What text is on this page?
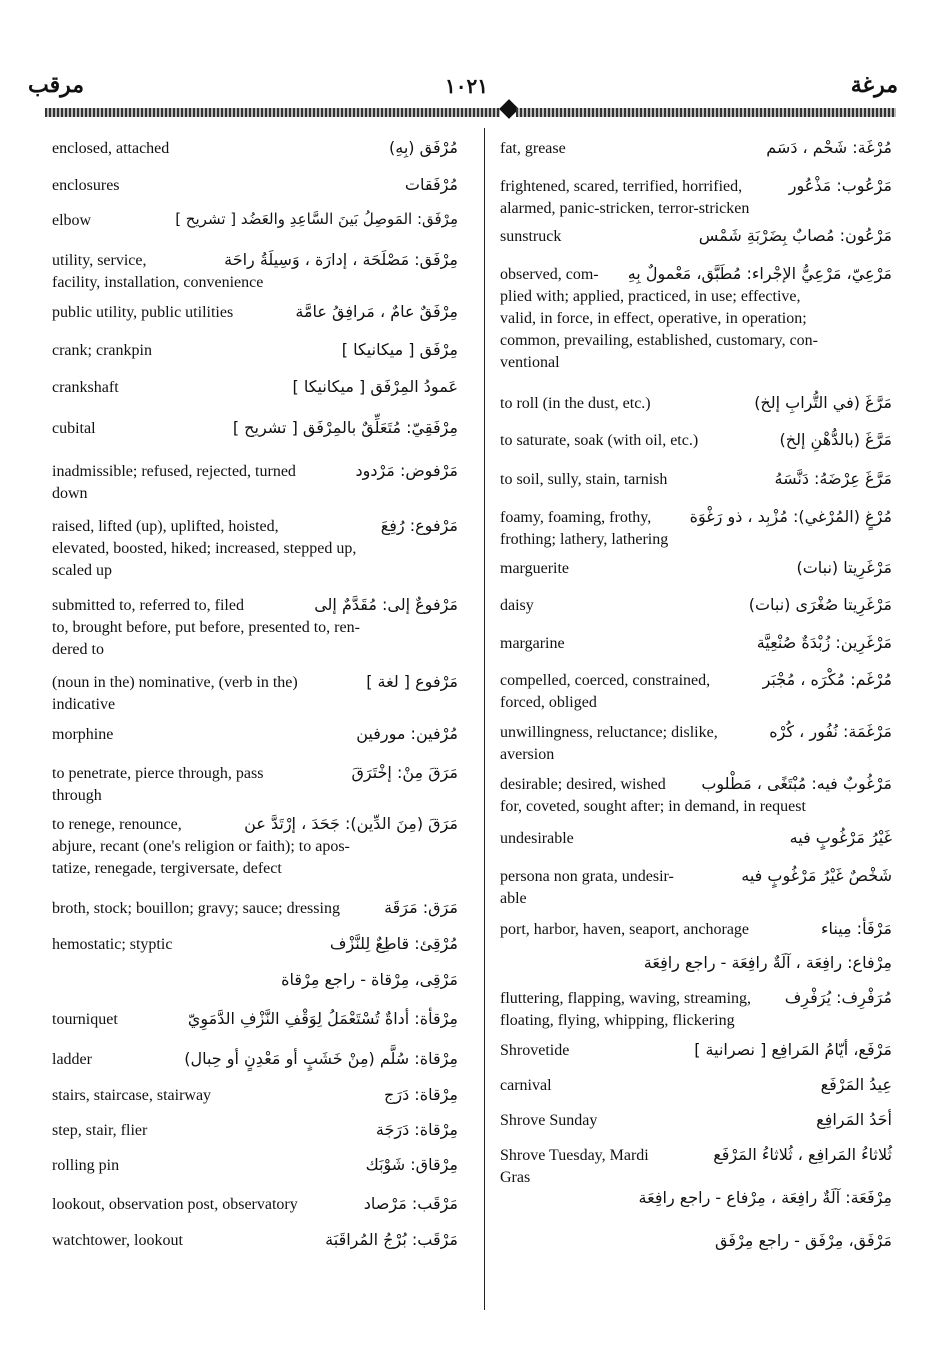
مرقب	١٠٢١	مرغة
enclosed, attached	مُرْفَق (بِهِ)
enclosures	مُرْفَقات
elbow	مِرْفَق: المَوصِلُ بَينَ السَّاعِدِ والعَضُد [ تشريح ]
utility, service,	مِرْفَق: مَصْلَحَة ، إدارَة ، وَسِيلَةُ راحَة
facility, installation, convenience
public utility, public utilities	مِرْفَقٌ عامٌ ، مَرافِقُ عامَّة
crank; crankpin	مِرْفَق [ ميكانيكا ]
crankshaft	عَمودُ المِرْفَق [ ميكانيكا ]
cubital	مِرْفَقِيّ: مُتَعَلِّقٌ بالمِرْفَق [ تشريح ]
inadmissible; refused, rejected, turned	مَرْفوض: مَرْدود
down
raised, lifted (up), uplifted, hoisted,	مَرْفوع: رُفِعَ
elevated, boosted, hiked; increased, stepped up,
scaled up
submitted to, referred to, filed	مَرْفوعٌ إلى: مُقَدَّمٌ إلى
to, brought before, put before, presented to, ren-
dered to
(noun in the) nominative, (verb in the)	مَرْفوع [ لغة ]
indicative
morphine	مُرْفين: مورفين
to penetrate, pierce through, pass	مَرَقَ مِنْ: إخْتَرَقَ
through
to renege, renounce,	مَرَقَ (مِنَ الدِّين): جَحَدَ ، إرْتَدَّ عن
abjure, recant (one's religion or faith); to apos-
tatize, renegade, tergiversate, defect
broth, stock; bouillon; gravy; sauce; dressing	مَرَق: مَرَقَة
hemostatic; styptic	مُرْقِئ: قاطِعٌ لِلنَّزْف
مَرْقِى، مِرْقاة - راجع مِرْقاة
tourniquet	مِرْقأة: أداةٌ تُسْتَعْمَلُ لِوَقْفِ النَّزْفِ الدَّمَوِيّ
ladder	مِرْقاة: سُلَّم (مِنْ خَشَبٍ أو مَعْدِنٍ أو حِبال)
stairs, staircase, stairway	مِرْقاة: دَرَج
step, stair, flier	مِرْقاة: دَرَجَة
rolling pin	مِرْقاق: شَوْبَك
lookout, observation post, observatory	مَرْقَب: مَرْصاد
watchtower, lookout	مَرْقَب: بُرْجُ المُراقَبَة
fat, grease	مُرْغَة: شَحْم ، دَسَم
frightened, scared, terrified, horrified,	مَرْعُوب: مَذْعُور
alarmed, panic-stricken, terror-stricken
sunstruck	مَرْعُون: مُصابٌ بِضَرْبَةِ شَمْس
observed, com- مَرْعِيّ، مَرْعِيُّ الإجْراء: مُطَبَّق، مَعْمولٌ بِهِ
plied with; applied, practiced, in use; effective,
valid, in force, in effect, operative, in operation;
common, prevailing, established, customary, con-
ventional
to roll (in the dust, etc.)	مَرَّغَ (في التُّرابِ إلخ)
to saturate, soak (with oil, etc.)	مَرَّغَ (بالدُّهْنِ إلخ)
to soil, sully, stain, tarnish	مَرَّغَ عِرْضَهُ: دَنَّسَهُ
foamy, foaming, frothy, مُرْغٍ (المُرْغي): مُزْبِد ، ذو رَغْوَة
frothing; lathery, lathering
marguerite	مَرْغَرِيتا (نبات)
daisy	مَرْغَرِيتا صُغْرَى (نبات)
margarine	مَرْغَرِين: زُبْدَةٌ صُنْعِيَّة
compelled, coerced, constrained,	مُرْغَم: مُكْرَه ، مُجْبَر
forced, obliged
unwillingness, reluctance; dislike,	مَرْغَمَة: نُفُور ، كُرْه
aversion
desirable; desired, wished مَرْغُوبٌ فيه: مُبْتَغًى ، مَطْلوب
for, coveted, sought after; in demand, in request
undesirable	غَيْرُ مَرْغُوبٍ فيه
persona non grata, undesir-	شَخْصٌ غَيْرُ مَرْغُوبٍ فيه
able
port, harbor, haven, seaport, anchorage	مَرْفَأ: مِيناء
مِرْفاع: رافِعَة ، آلَةٌ رافِعَة - راجع رافِعَة
fluttering, flapping, waving, streaming, مُرَفْرِف: يُرَفْرِف
floating, flying, whipping, flickering
Shrovetide	مَرْفَع، أيّامُ المَرافِع [ نصرانية ]
carnival	عِيدُ المَرْفَع
Shrove Sunday	أحَدُ المَرافِع
Shrove Tuesday, Mardi	ثُلاثاءُ المَرافِع ، ثُلاثاءُ المَرْفَع
Gras
مِرْفَعَة: آلَةٌ رافِعَة ، مِرْفاع - راجع رافِعَة
مَرْفَق، مِرْفَق - راجع مِرْفَق
